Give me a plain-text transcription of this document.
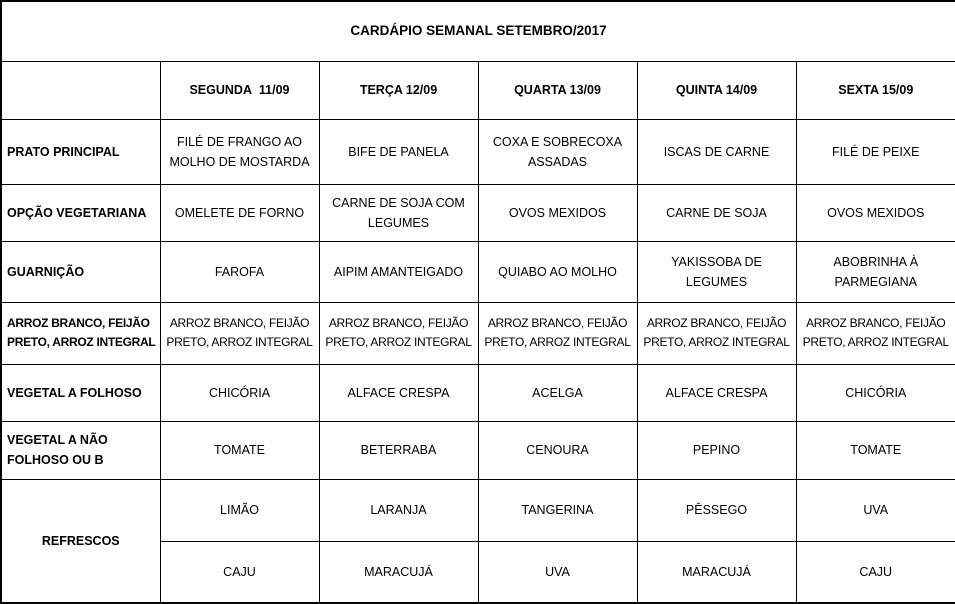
CARDÁPIO SEMANAL SETEMBRO/2017					
	SEGUNDA  11/09	TERÇA 12/09	QUARTA 13/09	QUINTA 14/09	SEXTA 15/09
PRATO PRINCIPAL	FILÉ DE FRANGO AO MOLHO DE MOSTARDA	BIFE DE PANELA	COXA E SOBRECOXA ASSADAS	ISCAS DE CARNE	FILÉ DE PEIXE
OPÇÃO VEGETARIANA	OMELETE DE FORNO	CARNE DE SOJA COM LEGUMES	OVOS MEXIDOS	CARNE DE SOJA	OVOS MEXIDOS
GUARNIÇÃO	FAROFA	AIPIM AMANTEIGADO	QUIABO AO MOLHO	YAKISSOBA DE LEGUMES	ABOBRINHA À PARMEGIANA
ARROZ BRANCO, FEIJÃO PRETO, ARROZ INTEGRAL	ARROZ BRANCO, FEIJÃO PRETO, ARROZ INTEGRAL	ARROZ BRANCO, FEIJÃO PRETO, ARROZ INTEGRAL	ARROZ BRANCO, FEIJÃO PRETO, ARROZ INTEGRAL	ARROZ BRANCO, FEIJÃO PRETO, ARROZ INTEGRAL	ARROZ BRANCO, FEIJÃO PRETO, ARROZ INTEGRAL
VEGETAL A FOLHOSO	CHICÓRIA	ALFACE CRESPA	ACELGA	ALFACE CRESPA	CHICÓRIA
VEGETAL A NÃO FOLHOSO OU B	TOMATE	BETERRABA	CENOURA	PEPINO	TOMATE
REFRESCOS	LIMÃO	LARANJA	TANGERINA	PÊSSEGO	UVA
	CAJU	MARACUJÁ	UVA	MARACUJÁ	CAJU
